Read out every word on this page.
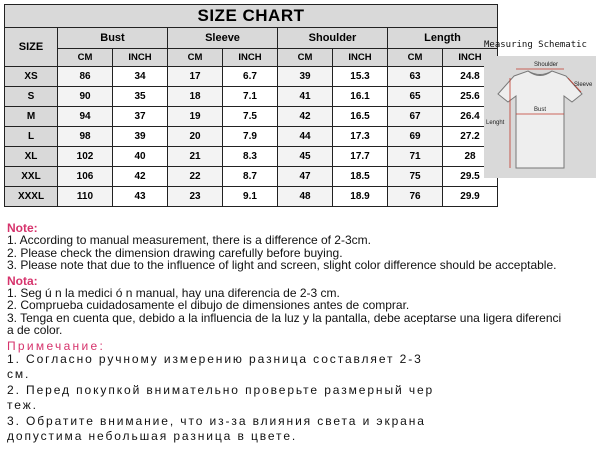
SIZE CHART								
SIZE	Bust		Sleeve		Shoulder		Length	
	CM	INCH	CM	INCH	CM	INCH	CM	INCH
XS	86	34	17	6.7	39	15.3	63	24.8
S	90	35	18	7.1	41	16.1	65	25.6
M	94	37	19	7.5	42	16.5	67	26.4
L	98	39	20	7.9	44	17.3	69	27.2
XL	102	40	21	8.3	45	17.7	71	28
XXL	106	42	22	8.7	47	18.5	75	29.5
XXXL	110	43	23	9.1	48	18.9	76	29.9
Measuring Schematic
Shoulder
Sleeve
Bust
Lenght

Note:

1. According to manual measurement, there is a difference of 2-3cm.

2. Please check the dimension drawing carefully before buying.

3. Please note that due to the influence of light and screen, slight color difference should be acceptable.

Nota:

1. Seg ú n la medici ó n manual, hay una diferencia de 2-3 cm.

2. Comprueba cuidadosamente el dibujo de dimensiones antes de comprar.

3. Tenga en cuenta que, debido a la influencia de la luz y la pantalla, debe aceptarse una ligera diferenci

a de color.

Примечание:

1. Согласно ручному измерению разница составляет 2-3

см.

2. Перед покупкой внимательно проверьте размерный чер

теж.

3. Обратите внимание, что из-за влияния света и экрана

допустима небольшая разница в цвете.
